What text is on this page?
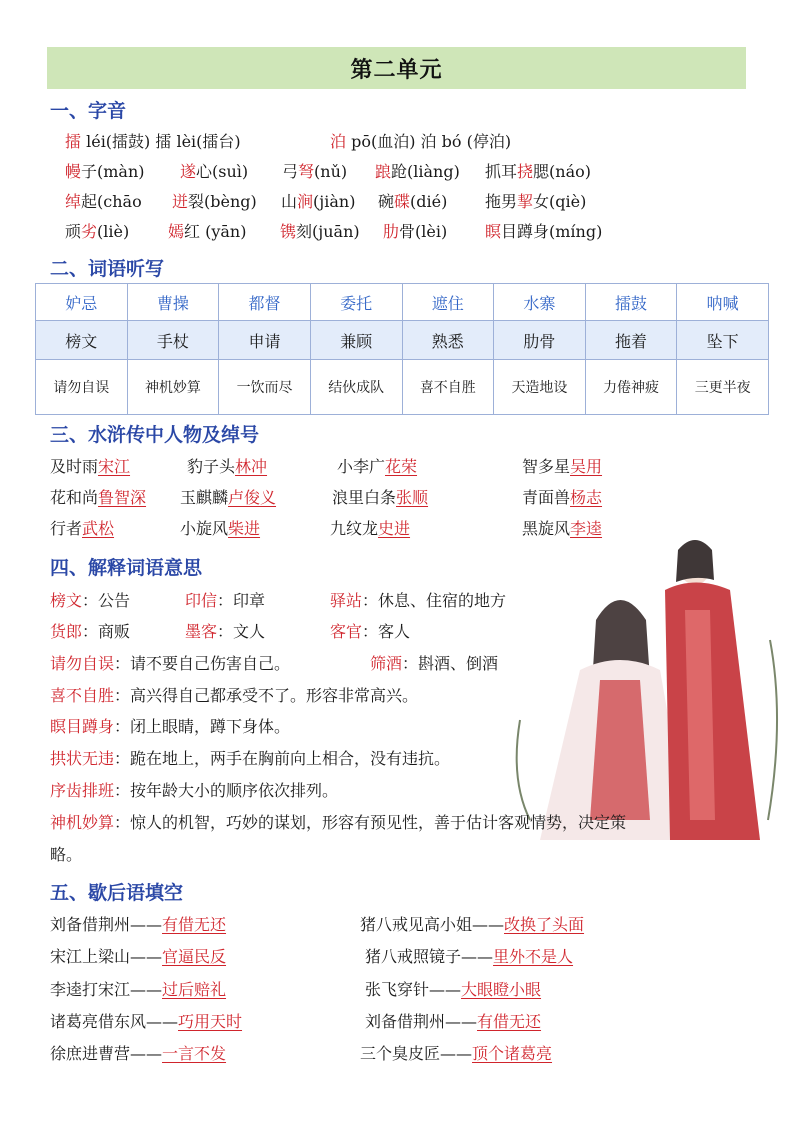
第二单元
一、字音
擂 léi(擂鼓) 擂 lèi(擂台)	泊 pō(血泊) 泊 bó (停泊)
幔子(màn) 遂心(suì) 弓弩(nǔ) 踉跄(liàng) 抓耳挠腮(náo)
绰起(chāo 迸裂(bèng) 山涧(jiàn) 碗碟(dié) 拖男挈女(qiè)
顽劣(liè) 嫣红 (yān) 镌刻(juān) 肋骨(lèi) 瞑目蹲身(míng)
二、词语听写
妒忌	曹操	都督	委托	遮住	水寨	擂鼓	呐喊
榜文	手杖	申请	兼顾	熟悉	肋骨	拖着	坠下
请勿自误	神机妙算	一饮而尽	结伙成队	喜不自胜	天造地设	力倦神疲	三更半夜
三、水浒传中人物及绰号
及时雨宋江	豹子头林冲	小李广花荣	智多星吴用
花和尚鲁智深 玉麒麟卢俊义	浪里白条张顺	青面兽杨志
行者武松	小旋风柴进	九纹龙史进	黑旋风李逵
四、解释词语意思
榜文：公告	印信：印章	驿站：休息、住宿的地方
货郎：商贩	墨客：文人	客官：客人
请勿自误：请不要自己伤害自己。	筛酒：斟酒、倒酒
喜不自胜：高兴得自己都承受不了。形容非常高兴。
瞑目蹲身：闭上眼睛，蹲下身体。
拱状无违：跪在地上，两手在胸前向上相合，没有违抗。
序齿排班：按年龄大小的顺序依次排列。
神机妙算：惊人的机智，巧妙的谋划，形容有预见性，善于估计客观情势，决定策
略。
五、歇后语填空
刘备借荆州——有借无还	猪八戒见高小姐——改换了头面
宋江上梁山——官逼民反	猪八戒照镜子——里外不是人
李逵打宋江——过后赔礼	张飞穿针——大眼瞪小眼
诸葛亮借东风——巧用天时	刘备借荆州——有借无还
徐庶进曹营——一言不发	三个臭皮匠——顶个诸葛亮
